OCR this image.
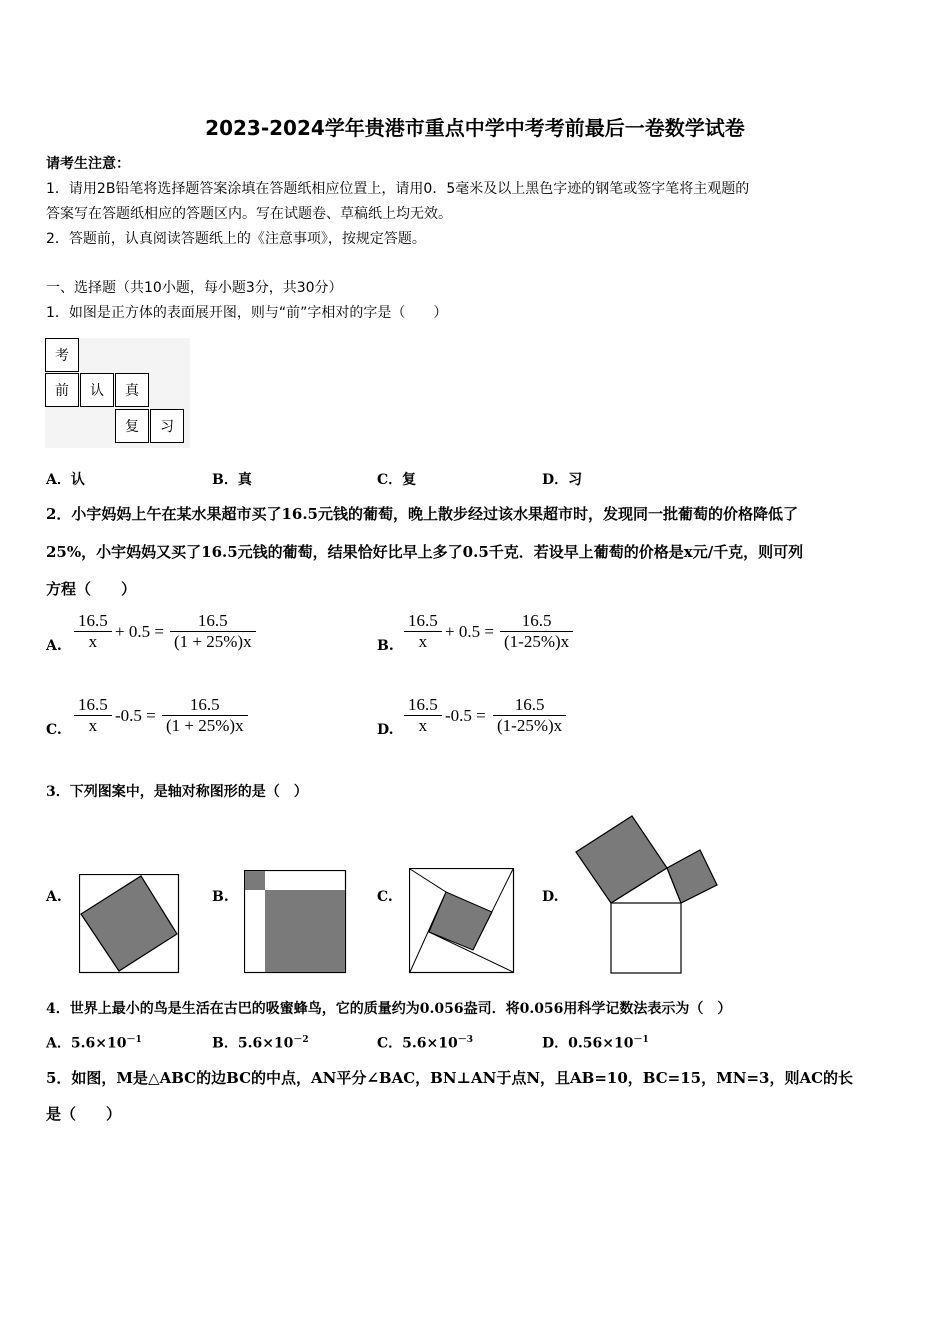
2023-2024学年贵港市重点中学中考考前最后一卷数学试卷
请考生注意：
1．请用2B铅笔将选择题答案涂填在答题纸相应位置上，请用0．5毫米及以上黑色字迹的钢笔或签字笔将主观题的
答案写在答题纸相应的答题区内。写在试题卷、草稿纸上均无效。
2．答题前，认真阅读答题纸上的《注意事项》，按规定答题。
一、选择题（共10小题，每小题3分，共30分）
1．如图是正方体的表面展开图，则与“前”字相对的字是（　　）
考
前	认	真
复	习
A．认	B．真	C．复	D．习
2．小宇妈妈上午在某水果超市买了16.5元钱的葡萄，晚上散步经过该水果超市时，发现同一批葡萄的价格降低了
25%，小宇妈妈又买了16.5元钱的葡萄，结果恰好比早上多了0.5千克．若设早上葡萄的价格是x元/千克，则可列
方程（　　）
A. $\frac{16.5}{x} + 0.5 = \frac{16.5}{(1 + 25\%)x}$	B. $\frac{16.5}{x} + 0.5 = \frac{16.5}{(1-25\%)x}$
C. $\frac{16.5}{x} -0.5 = \frac{16.5}{(1 + 25\%)x}$	D. $\frac{16.5}{x} -0.5 = \frac{16.5}{(1-25\%)x}$
3．下列图案中，是轴对称图形的是（　）
A.	B.	C.	D.
4．世界上最小的鸟是生活在古巴的吸蜜蜂鸟，它的质量约为0.056盎司．将0.056用科学记数法表示为（　）
A．$5.6\times 10^{-1}$	B．$5.6\times 10^{-2}$	C．$5.6\times 10^{-3}$	D．$0.56\times 10^{-1}$
5．如图，M是△ABC的边BC的中点，AN平分∠BAC，BN⊥AN于点N，且AB=10，BC=15，MN=3，则AC的长
是（　　）
